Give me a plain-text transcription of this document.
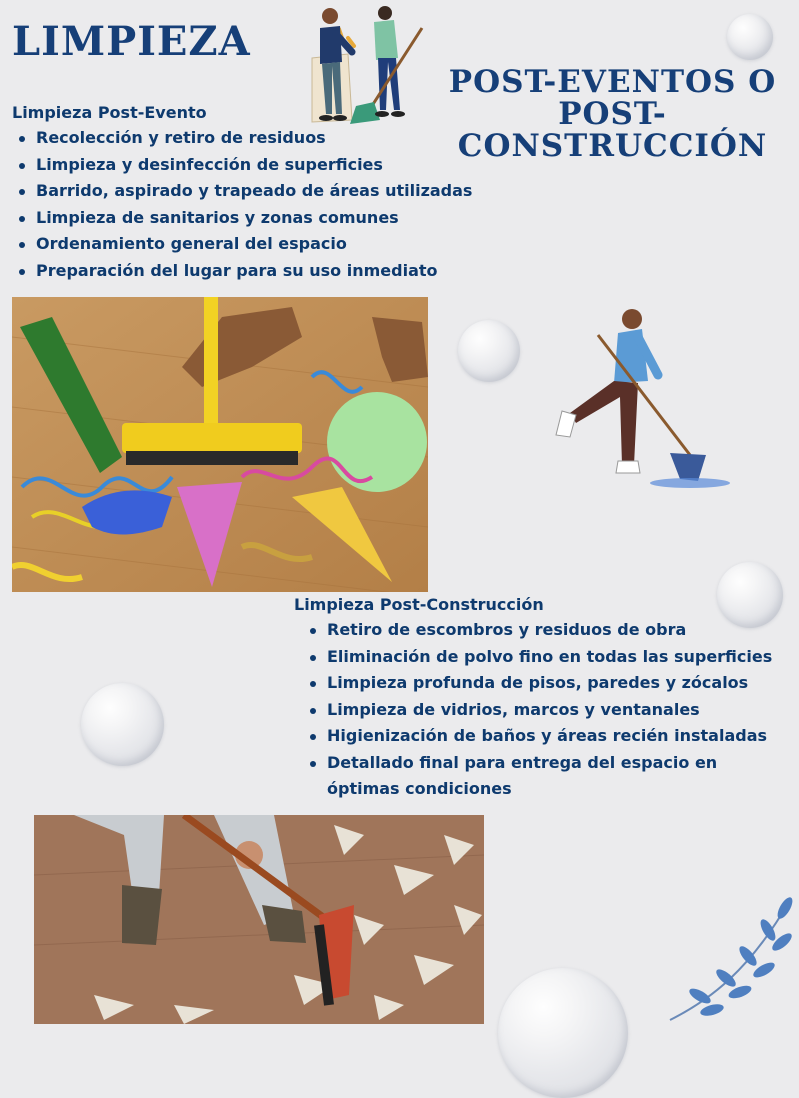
LIMPIEZA
POST-EVENTOS O POST-CONSTRUCCIÓN

Limpieza Post-Evento

Recolección y retiro de residuos
Limpieza y desinfección de superficies
Barrido, aspirado y trapeado de áreas utilizadas
Limpieza de sanitarios y zonas comunes
Ordenamiento general del espacio
Preparación del lugar para su uso inmediato

Limpieza Post-Construcción

Retiro de escombros y residuos de obra
Eliminación de polvo fino en todas las superficies
Limpieza profunda de pisos, paredes y zócalos
Limpieza de vidrios, marcos y ventanales
Higienización de baños y áreas recién instaladas
Detallado final para entrega del espacio en óptimas condiciones
